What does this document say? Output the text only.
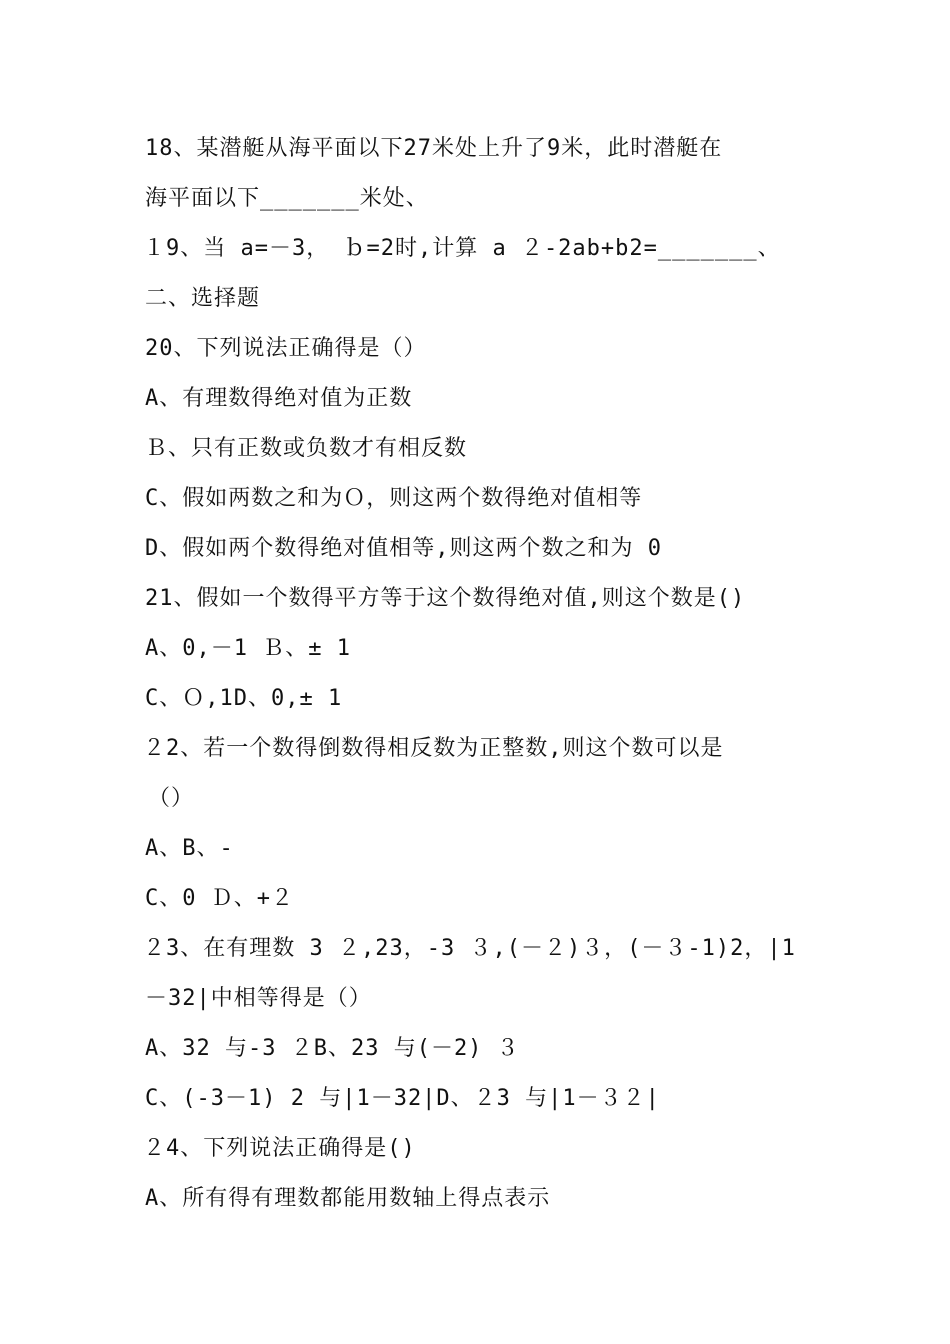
18、某潜艇从海平面以下27米处上升了9米，此时潜艇在
海平面以下_______米处、
１9、当 a=－3， ｂ=2时,计算 a ２-2ab+b2=_______、
二、选择题
20、下列说法正确得是（）
A、有理数得绝对值为正数
Ｂ、只有正数或负数才有相反数
C、假如两数之和为Ｏ，则这两个数得绝对值相等
D、假如两个数得绝对值相等,则这两个数之和为 0
21、假如一个数得平方等于这个数得绝对值,则这个数是()
A、0,－1 Ｂ、± 1
C、Ｏ,1D、0,± 1
２2、若一个数得倒数得相反数为正整数,则这个数可以是
（）
A、B、-
C、0 Ｄ、+２
２3、在有理数 3 ２,23，-3 ３,(－２)３，(－３-1)2，|1
－32|中相等得是（）
A、32 与-3 ２B、23 与(－2) ３
C、(-3－1) 2 与|1－32|D、２3 与|1－３２|
２4、下列说法正确得是()
A、所有得有理数都能用数轴上得点表示
